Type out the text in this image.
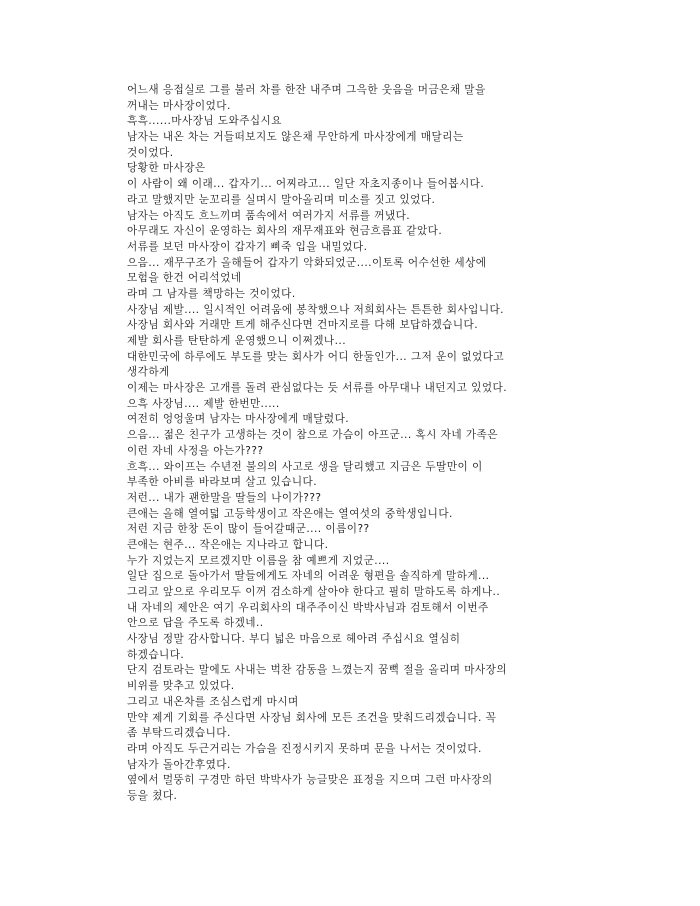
어느새 응접실로 그를 불러 차를 한잔 내주며 그윽한 웃음을 머금은채 말을
꺼내는 마사장이었다.
흑흑......마사장님 도와주십시요
남자는 내온 차는 거들떠보지도 않은채 무안하게 마사장에게 매달리는
것이었다.
당황한 마사장은
이 사람이 왜 이래... 갑자기... 어찌라고... 일단 자초지종이나 들어봅시다.
라고 말했지만 눈꼬리를 실며시 말아올리며 미소를 짓고 있었다.
남자는 아직도 흐느끼며 품속에서 여러가지 서류를 꺼냈다.
아무래도 자신이 운영하는 회사의 재무재표와 현금흐름표 같았다.
서류를 보던 마사장이 갑자기 삐죽 입을 내밀었다.
으음... 재무구조가 올해들어 갑자기 악화되었군....이토록 어수선한 세상에
모험을 한건 어리석었네
라며 그 남자를 책망하는 것이었다.
사장님 제발.... 일시적인 어려움에 봉착했으나 저희회사는 튼튼한 회사입니다.
사장님 회사와 거래만 트게 해주신다면 건마지로를 다해 보답하겠습니다.
제발 회사를 탄탄하게 운영했으니 이쩌겠나...
대한민국에 하루에도 부도를 맞는 회사가 어디 한둘인가... 그저 운이 없었다고
생각하게
이제는 마사장은 고개를 돌려 관심없다는 듯 서류를 아무대나 내던지고 있었다.
으흑 사장님.... 제발 한번만.....
여전히 엉엉울며 남자는 마사장에게 매달렸다.
으음... 젊은 친구가 고생하는 것이 참으로 가슴이 아프군... 혹시 자네 가족은
이런 자네 사정을 아는가???
흐흑... 와이프는 수년전 불의의 사고로 생을 달리했고 지금은 두딸만이 이
부족한 아비를 바라보며 살고 있습니다.
저런... 내가 괜한말을 딸들의 나이가???
큰애는 올해 열여덟 고등학생이고 작은애는 열여섯의 중학생입니다.
저런 지금 한창 돈이 많이 들어갈때군.... 이름이??
큰애는 현주... 작은애는 지나라고 합니다.
누가 지었는지 모르겠지만 이름을 참 예쁘게 지었군....
일단 집으로 돌아가서 딸들에게도 자네의 어려운 형편을 솔직하게 말하게...
그리고 앞으로 우리모두 이꺼 검소하게 살아야 한다고 필히 말하도록 하게나..
내 자네의 제안은 여기 우리회사의 대주주이신 박박사님과 검토해서 이번주
안으로 답을 주도록 하겠네..
사장님 정말 감사합니다. 부디 넓은 마음으로 헤아려 주십시요 열심히
하겠습니다.
단지 검토라는 말에도 사내는 벅찬 감동을 느꼈는지 꿈뻑 절을 올리며 마사장의
비위를 맞추고 있었다.
그리고 내온차를 조심스럽게 마시며
만약 제게 기회를 주신다면 사장님 회사에 모든 조건을 맞춰드리겠습니다. 꼭
좀 부탁드리겠습니다.
라며 아직도 두근거리는 가슴을 진정시키지 못하며 문을 나서는 것이었다.
남자가 돌아간후였다.
옆에서 멀뚱히 구경만 하던 박박사가 능글맞은 표정을 지으며 그런 마사장의
등을 쳤다.
